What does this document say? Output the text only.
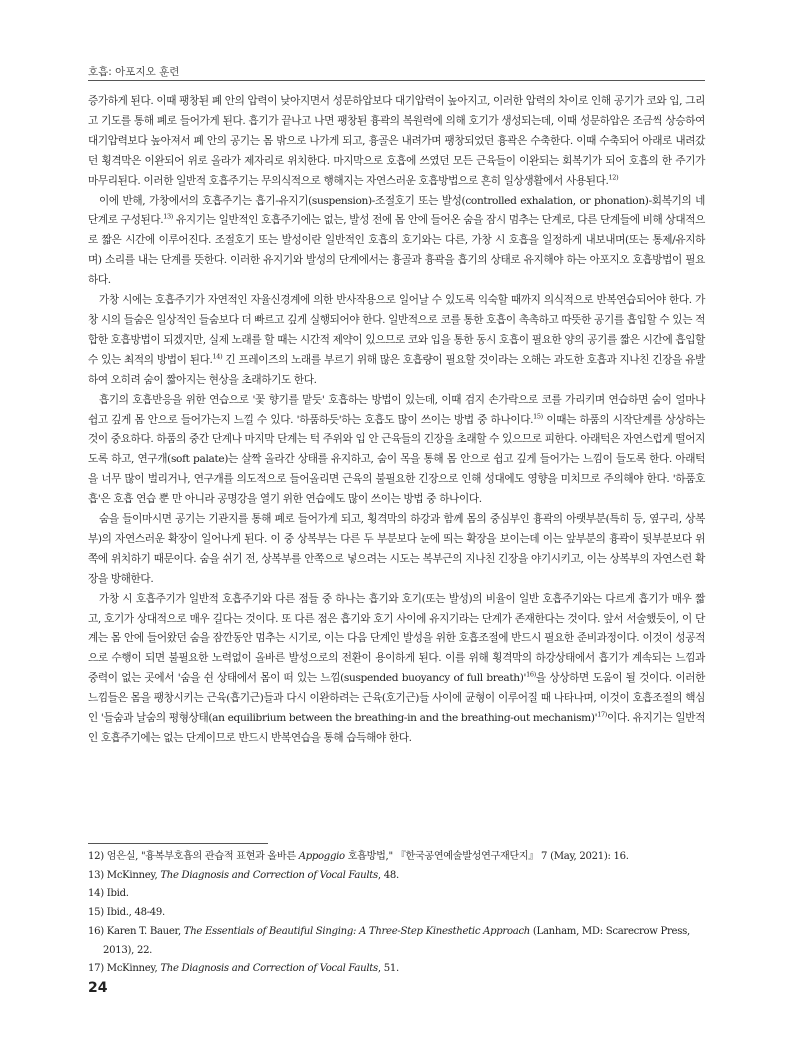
호흡: 아포지오 훈련

증가하게 된다. 이때 팽창된 폐 안의 압력이 낮아지면서 성문하압보다 대기압력이 높아지고, 이러한 압력의 차이로 인해 공기가 코와 입, 그리고 기도를 통해 폐로 들어가게 된다. 흡기가 끝나고 나면 팽창된 흉곽의 복원력에 의해 호기가 생성되는데, 이때 성문하압은 조금씩 상승하여 대기압력보다 높아져서 폐 안의 공기는 몸 밖으로 나가게 되고, 흉골은 내려가며 팽창되었던 흉곽은 수축한다. 이때 수축되어 아래로 내려갔던 횡격막은 이완되어 위로 올라가 제자리로 위치한다. 마지막으로 호흡에 쓰였던 모든 근육들이 이완되는 회복기가 되어 호흡의 한 주기가 마무리된다. 이러한 일반적 호흡주기는 무의식적으로 행해지는 자연스러운 호흡방법으로 흔히 일상생활에서 사용된다.$^{12)}$

이에 반해, 가창에서의 호흡주기는 흡기-유지기(suspension)-조절호기 또는 발성(controlled exhalation, or phonation)-회복기의 네 단계로 구성된다.$^{13)}$ 유지기는 일반적인 호흡주기에는 없는, 발성 전에 몸 안에 들어온 숨을 잠시 멈추는 단계로, 다른 단계들에 비해 상대적으로 짧은 시간에 이루어진다. 조절호기 또는 발성이란 일반적인 호흡의 호기와는 다른, 가창 시 호흡을 일정하게 내보내며(또는 통제/유지하며) 소리를 내는 단계를 뜻한다. 이러한 유지기와 발성의 단계에서는 흉골과 흉곽을 흡기의 상태로 유지해야 하는 아포지오 호흡방법이 필요하다.

가창 시에는 호흡주기가 자연적인 자율신경계에 의한 반사작용으로 일어날 수 있도록 익숙할 때까지 의식적으로 반복연습되어야 한다. 가창 시의 들숨은 일상적인 들숨보다 더 빠르고 깊게 실행되어야 한다. 일반적으로 코를 통한 호흡이 촉촉하고 따뜻한 공기를 흡입할 수 있는 적합한 호흡방법이 되겠지만, 실제 노래를 할 때는 시간적 제약이 있으므로 코와 입을 통한 동시 호흡이 필요한 양의 공기를 짧은 시간에 흡입할 수 있는 최적의 방법이 된다.$^{14)}$ 긴 프레이즈의 노래를 부르기 위해 많은 호흡량이 필요할 것이라는 오해는 과도한 호흡과 지나친 긴장을 유발하여 오히려 숨이 짧아지는 현상을 초래하기도 한다.

흡기의 호흡반응을 위한 연습으로 '꽃 향기를 맡듯' 호흡하는 방법이 있는데, 이때 검지 손가락으로 코를 가리키며 연습하면 숨이 얼마나 쉽고 깊게 몸 안으로 들어가는지 느낄 수 있다. '하품하듯'하는 호흡도 많이 쓰이는 방법 중 하나이다.$^{15)}$ 이때는 하품의 시작단계를 상상하는 것이 중요하다. 하품의 중간 단계나 마지막 단계는 턱 주위와 입 안 근육들의 긴장을 초래할 수 있으므로 피한다. 아래턱은 자연스럽게 떨어지도록 하고, 연구개(soft palate)는 살짝 올라간 상태를 유지하고, 숨이 목을 통해 몸 안으로 쉽고 깊게 들어가는 느낌이 들도록 한다. 아래턱을 너무 많이 벌리거나, 연구개를 의도적으로 들어올리면 근육의 불필요한 긴장으로 인해 성대에도 영향을 미치므로 주의해야 한다. '하품호흡'은 호흡 연습 뿐 만 아니라 공명강을 열기 위한 연습에도 많이 쓰이는 방법 중 하나이다.

숨을 들이마시면 공기는 기관지를 통해 폐로 들어가게 되고, 횡격막의 하강과 함께 몸의 중심부인 흉곽의 아랫부분(특히 등, 옆구리, 상복부)의 자연스러운 확장이 일어나게 된다. 이 중 상복부는 다른 두 부분보다 눈에 띄는 확장을 보이는데 이는 앞부분의 흉곽이 뒷부분보다 위쪽에 위치하기 때문이다. 숨을 쉬기 전, 상복부를 안쪽으로 넣으려는 시도는 복부근의 지나친 긴장을 야기시키고, 이는 상복부의 자연스런 확장을 방해한다.

가창 시 호흡주기가 일반적 호흡주기와 다른 점들 중 하나는 흡기와 호기(또는 발성)의 비율이 일반 호흡주기와는 다르게 흡기가 매우 짧고, 호기가 상대적으로 매우 길다는 것이다. 또 다른 점은 흡기와 호기 사이에 유지기라는 단계가 존재한다는 것이다. 앞서 서술했듯이, 이 단계는 몸 안에 들어왔던 숨을 잠깐동안 멈추는 시기로, 이는 다음 단계인 발성을 위한 호흡조절에 반드시 필요한 준비과정이다. 이것이 성공적으로 수행이 되면 불필요한 노력없이 올바른 발성으로의 전환이 용이하게 된다. 이를 위해 횡격막의 하강상태에서 흡기가 계속되는 느낌과 중력이 없는 곳에서 '숨을 쉰 상태에서 몸이 떠 있는 느낌(suspended buoyancy of full $breath)'^{16)}$을 상상하면 도움이 될 것이다. 이러한 느낌들은 몸을 팽창시키는 근육(흡기근)들과 다시 이완하려는 근육(호기근)들 사이에 균형이 이루어질 때 나타나며, 이것이 호흡조절의 핵심인 '들숨과 날숨의 평형상태(an equilibrium between the breathing-in and the breathing-out $mechanism)'^{17)}$이다. 유지기는 일반적인 호흡주기에는 없는 단계이므로 반드시 반복연습을 통해 습득해야 한다.

12) 엄은실, "흉복부호흡의 관습적 표현과 올바른 Appoggio 호흡방법," 『한국공연예술발성연구재단지』 7 (May, 2021): 16.

13) McKinney, The Diagnosis and Correction of Vocal Faults, 48.

14) Ibid.

15) Ibid., 48-49.

16) Karen T. Bauer, The Essentials of Beautiful Singing: A Three-Step Kinesthetic Approach (Lanham, MD: Scarecrow Press, 2013), 22.

17) McKinney, The Diagnosis and Correction of Vocal Faults, 51.

24
